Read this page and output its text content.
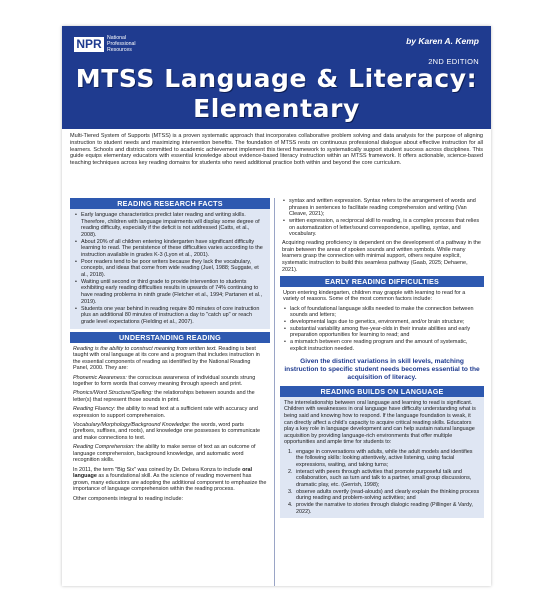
NPR	National Professional Resources
by Karen A. Kemp
2ND EDITION
MTSS Language & Literacy:
Elementary
Multi-Tiered System of Supports (MTSS) is a proven systematic approach that incorporates collaborative problem solving and data analysis for the purpose of aligning instruction to student needs and maximizing intervention benefits. The foundation of MTSS rests on continuous professional dialogue about effective instruction for all learners. Schools and districts committed to academic achievement implement this tiered framework to systematically support student success across disciplines. This guide equips elementary educators with essential knowledge about evidence-based literacy instruction within an MTSS framework. It offers actionable, science-based teaching techniques across key reading domains for students who need additional practice both within and beyond the core curriculum.
READING RESEARCH FACTS
• Early language characteristics predict later reading and writing skills. Therefore, children with language impairments will display some degree of reading difficulty, especially if the deficit is not addressed (Catts, et al., 2008).
• About 20% of all children entering kindergarten have significant difficulty learning to read. The persistence of these difficulties varies according to the instruction available in grades K-3 (Lyon et al., 2001).
• Poor readers tend to be poor writers because they lack the vocabulary, concepts, and ideas that come from wide reading (Juel, 1988; Suggate, et al., 2018).
• Waiting until second or third grade to provide intervention to students exhibiting early reading difficulties results in upwards of 74% continuing to have reading problems in ninth grade (Fletcher et al., 1994; Partanen et al., 2019).
• Students one year behind in reading require 80 minutes of core instruction plus an additional 80 minutes of instruction a day to "catch up" or reach grade level expectations (Fielding et al., 2007).
UNDERSTANDING READING

Reading is the ability to construct meaning from written text. Reading is best taught with oral language at its core and a program that includes instruction in the essential components of reading as identified by the National Reading Panel, 2000. They are:

Phonemic Awareness: the conscious awareness of individual sounds strung together to form words that convey meaning through speech and print.

Phonics/Word Structure/Spelling: the relationships between sounds and the letter(s) that represent those sounds in print.

Reading Fluency: the ability to read text at a sufficient rate with accuracy and expression to support comprehension.

Vocabulary/Morphology/Background Knowledge: the words, word parts (prefixes, suffixes, and roots), and knowledge one possesses to communicate and make connections to text.

Reading Comprehension: the ability to make sense of text as an outcome of language comprehension, background knowledge, and automatic word recognition skills.

In 2011, the term "Big Six" was coined by Dr. Delsea Konza to include oral language as a foundational skill. As the science of reading movement has grown, many educators are adopting the additional component to emphasize the importance of language comprehension within the reading process.

Other components integral to reading include:

• syntax and written expression. Syntax refers to the arrangement of words and phrases in sentences to facilitate reading comprehension and writing (Van Cleave, 2021);
• written expression, a reciprocal skill to reading, is a complex process that relies on automatization of letter/sound correspondence, spelling, syntax, and vocabulary.

Acquiring reading proficiency is dependent on the development of a pathway in the brain between the areas of spoken sounds and written symbols. While many learners grasp the connection with minimal support, others require explicit, systematic instruction to build this seamless pathway (Gaab, 2025; Dehaene, 2021).

EARLY READING DIFFICULTIES

Upon entering kindergarten, children may grapple with learning to read for a variety of reasons. Some of the most common factors include:

• lack of foundational language skills needed to make the connection between sounds and letters;
• developmental lags due to genetics, environment, and/or brain structure;
• substantial variability among five-year-olds in their innate abilities and early preparation opportunities for learning to read; and
• a mismatch between core reading program and the amount of systematic, explicit instruction needed.
Given the distinct variations in skill levels, matching instruction to specific student needs becomes essential to the acquisition of literacy.
READING BUILDS ON LANGUAGE

The interrelationship between oral language and learning to read is significant. Children with weaknesses in oral language have difficulty understanding what is being said and knowing how to respond. If the language foundation is weak, it can directly affect a child's capacity to acquire critical reading skills. Educators play a key role in language development and can help sustain natural language acquisition by providing language-rich environments that offer multiple opportunities and ample time for students to:

1. engage in conversations with adults, while the adult models and identifies the following skills: looking attentively, active listening, using facial expressions, waiting, and taking turns;
2. interact with peers through activities that promote purposeful talk and collaboration, such as turn and talk to a partner, small group discussions, dramatic play, etc. (Gerrish, 1998);
3. observe adults overtly (read-alouds) and clearly explain the thinking process during reading and problem-solving activities; and
4. provide the narrative to stories through dialogic reading (Pillinger & Vardy, 2022).
